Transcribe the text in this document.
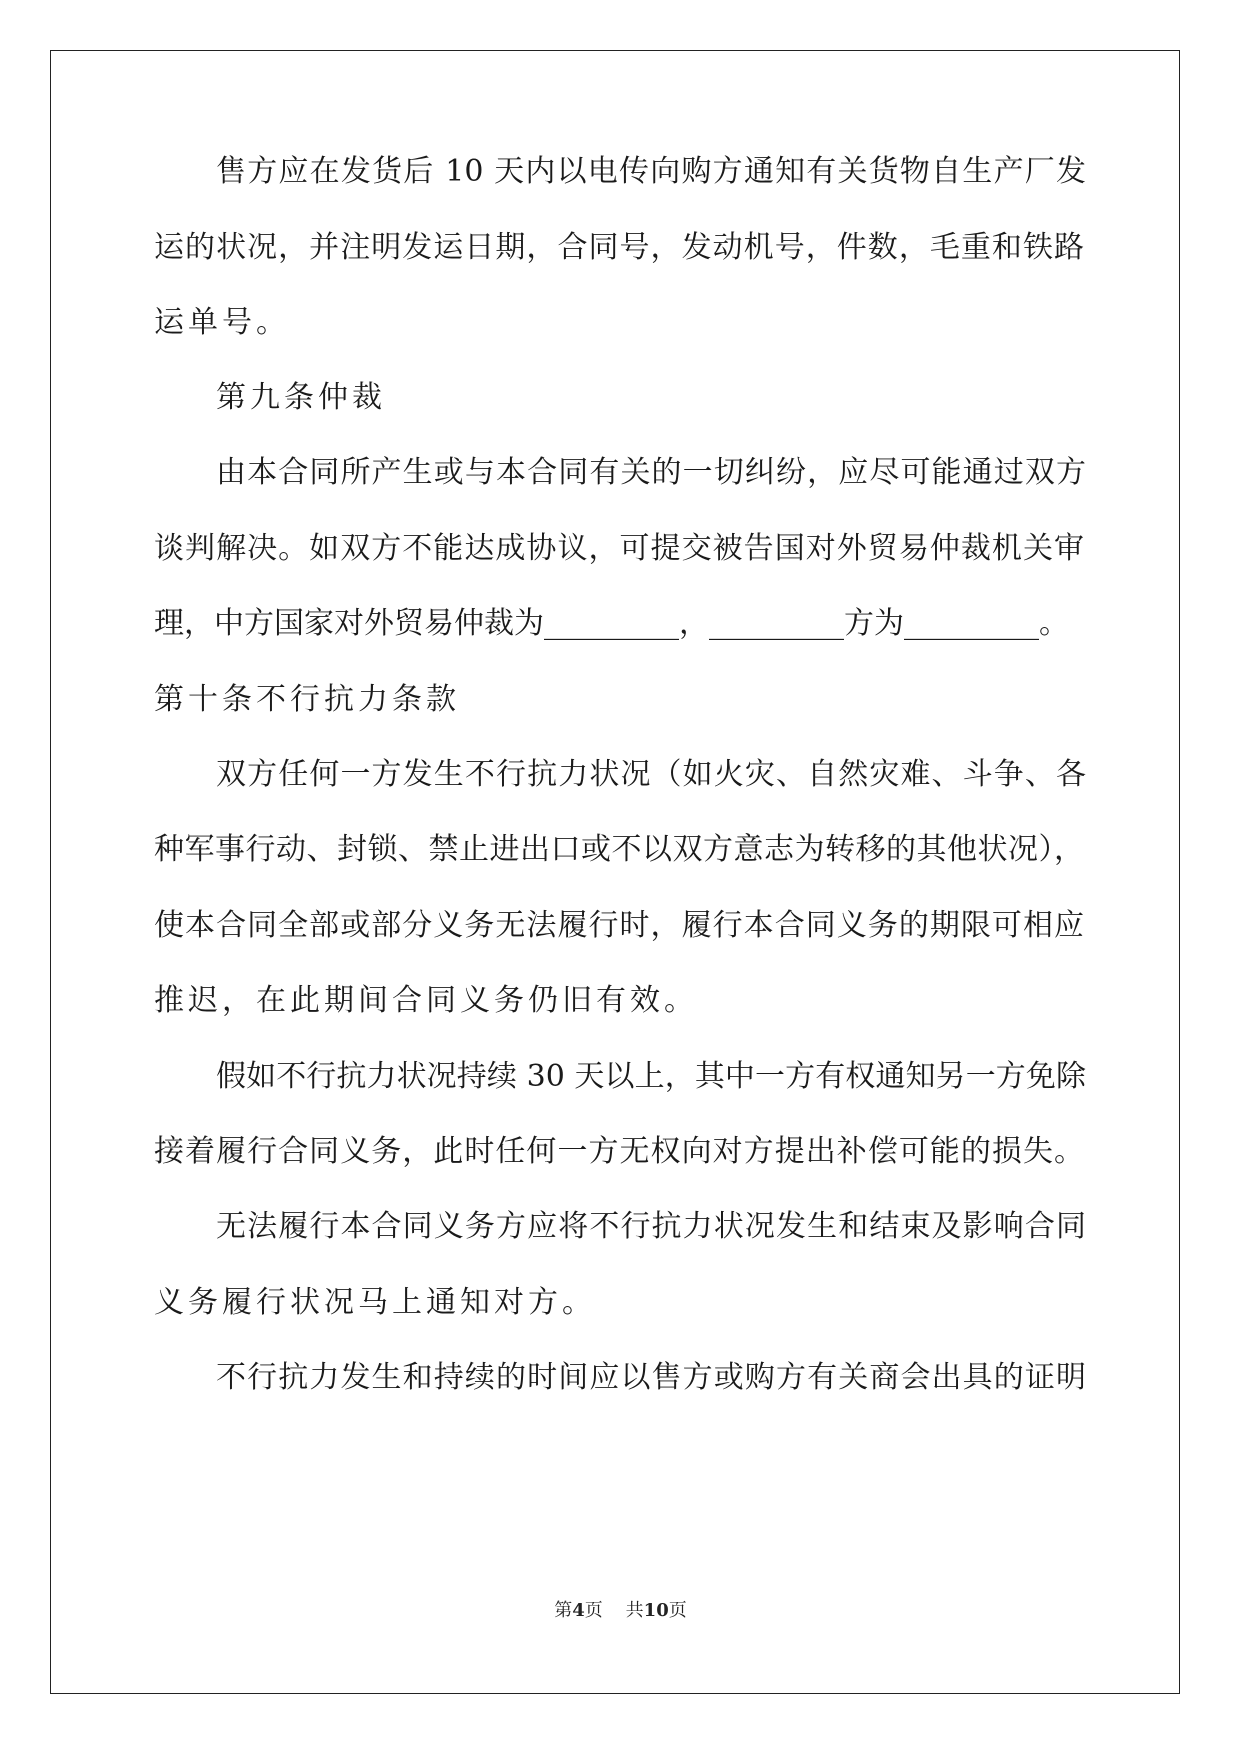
售方应在发货后 10 天内以电传向购方通知有关货物自生产厂发
运的状况，并注明发运日期，合同号，发动机号，件数，毛重和铁路
运单号。
第九条仲裁
由本合同所产生或与本合同有关的一切纠纷，应尽可能通过双方
谈判解决。如双方不能达成协议，可提交被告国对外贸易仲裁机关审
理，中方国家对外贸易仲裁为_________，_________方为_________。
第十条不行抗力条款
双方任何一方发生不行抗力状况（如火灾、自然灾难、斗争、各
种军事行动、封锁、禁止进出口或不以双方意志为转移的其他状况），
使本合同全部或部分义务无法履行时，履行本合同义务的期限可相应
推迟，在此期间合同义务仍旧有效。
假如不行抗力状况持续 30 天以上，其中一方有权通知另一方免除
接着履行合同义务，此时任何一方无权向对方提出补偿可能的损失。
无法履行本合同义务方应将不行抗力状况发生和结束及影响合同
义务履行状况马上通知对方。
不行抗力发生和持续的时间应以售方或购方有关商会出具的证明
第4页 共10页
